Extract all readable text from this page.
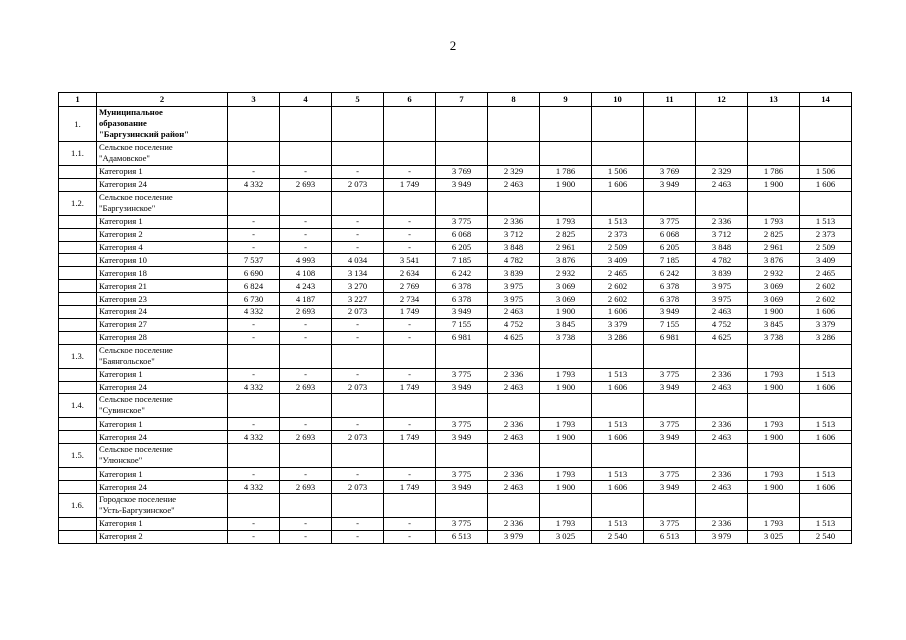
2
1	2	3	4	5	6	7	8	9	10	11	12	13	14
1.	Муниципальное
образование
"Баргузинский район"												

1.1.	Сельское поселение
"Адамовское"												

	Категория 1	-	-	-	-	3 769	2 329	1 786	1 506	3 769	2 329	1 786	1 506
	Категория 24	4 332	2 693	2 073	1 749	3 949	2 463	1 900	1 606	3 949	2 463	1 900	1 606
1.2.	Сельское поселение
"Баргузинское"												

	Категория 1	-	-	-	-	3 775	2 336	1 793	1 513	3 775	2 336	1 793	1 513
	Категория 2	-	-	-	-	6 068	3 712	2 825	2 373	6 068	3 712	2 825	2 373
	Категория 4	-	-	-	-	6 205	3 848	2 961	2 509	6 205	3 848	2 961	2 509
	Категория 10	7 537	4 993	4 034	3 541	7 185	4 782	3 876	3 409	7 185	4 782	3 876	3 409
	Категория 18	6 690	4 108	3 134	2 634	6 242	3 839	2 932	2 465	6 242	3 839	2 932	2 465
	Категория 21	6 824	4 243	3 270	2 769	6 378	3 975	3 069	2 602	6 378	3 975	3 069	2 602
	Категория 23	6 730	4 187	3 227	2 734	6 378	3 975	3 069	2 602	6 378	3 975	3 069	2 602
	Категория 24	4 332	2 693	2 073	1 749	3 949	2 463	1 900	1 606	3 949	2 463	1 900	1 606
	Категория 27	-	-	-	-	7 155	4 752	3 845	3 379	7 155	4 752	3 845	3 379
	Категория 28	-	-	-	-	6 981	4 625	3 738	3 286	6 981	4 625	3 738	3 286
1.3.	Сельское поселение
"Баянгольское"												

	Категория 1	-	-	-	-	3 775	2 336	1 793	1 513	3 775	2 336	1 793	1 513
	Категория 24	4 332	2 693	2 073	1 749	3 949	2 463	1 900	1 606	3 949	2 463	1 900	1 606
1.4.	Сельское поселение
"Сувинское"												

	Категория 1	-	-	-	-	3 775	2 336	1 793	1 513	3 775	2 336	1 793	1 513
	Категория 24	4 332	2 693	2 073	1 749	3 949	2 463	1 900	1 606	3 949	2 463	1 900	1 606
1.5.	Сельское поселение
"Улюнское"												

	Категория 1	-	-	-	-	3 775	2 336	1 793	1 513	3 775	2 336	1 793	1 513
	Категория 24	4 332	2 693	2 073	1 749	3 949	2 463	1 900	1 606	3 949	2 463	1 900	1 606
1.6.	Городское поселение
"Усть-Баргузинское"												

	Категория 1	-	-	-	-	3 775	2 336	1 793	1 513	3 775	2 336	1 793	1 513
	Категория 2	-	-	-	-	6 513	3 979	3 025	2 540	6 513	3 979	3 025	2 540
